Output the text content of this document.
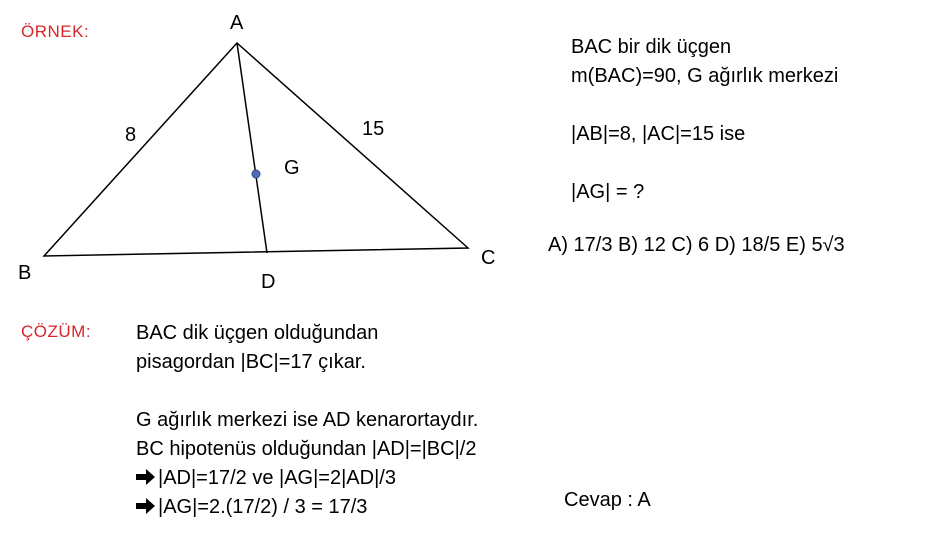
ÖRNEK:	A
B
C
D
G
8	15
BAC bir dik üçgen
m(BAC)=90, G ağırlık merkezi
|AB|=8, |AC|=15 ise
|AG| = ?
A) 17/3 B) 12 C) 6 D) 18/5 E) 5√3
ÇÖZÜM: BAC dik üçgen olduğundan
pisagordan |BC|=17 çıkar.
G ağırlık merkezi ise AD kenarortaydır.
BC hipotenüs olduğundan |AD|=|BC|/2
|AD|=17/2 ve |AG|=2|AD|/3
|AG|=2.(17/2) / 3 = 17/3	Cevap : A
